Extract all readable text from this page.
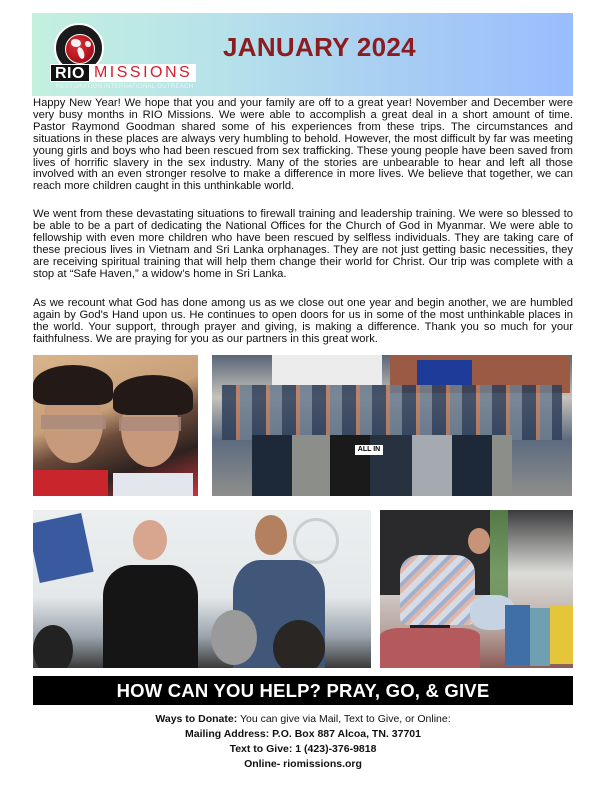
RIO MISSIONS
RESTORATION INTERNATIONAL OUTREACH
JANUARY 2024

Happy New Year! We hope that you and your family are off to a great year! November and December were very busy months in RIO Missions. We were able to accomplish a great deal in a short amount of time. Pastor Raymond Goodman shared some of his experiences from these trips. The circumstances and situations in these places are always very humbling to behold. However, the most difficult by far was meeting young girls and boys who had been rescued from sex trafficking. These young people have been saved from lives of horrific slavery in the sex industry. Many of the stories are unbearable to hear and left all those involved with an even stronger resolve to make a difference in more lives. We believe that together, we can reach more children caught in this unthinkable world.

We went from these devastating situations to firewall training and leadership training. We were so blessed to be able to be a part of dedicating the National Offices for the Church of God in Myanmar. We were able to fellowship with even more children who have been rescued by selfless individuals. They are taking care of these precious lives in Vietnam and Sri Lanka orphanages. They are not just getting basic necessities, they are receiving spiritual training that will help them change their world for Christ. Our trip was complete with a stop at “Safe Haven,” a widow’s home in Sri Lanka.

As we recount what God has done among us as we close out one year and begin another, we are humbled again by God's Hand upon us. He continues to open doors for us in some of the most unthinkable places in the world. Your support, through prayer and giving, is making a difference. Thank you so much for your faithfulness. We are praying for you as our partners in this great work.

ALL IN
HOW CAN YOU HELP? PRAY, GO, & GIVE
Ways to Donate: You can give via Mail, Text to Give, or Online:
Mailing Address: P.O. Box 887 Alcoa, TN. 37701
Text to Give: 1 (423)-376-9818
Online- riomissions.org
